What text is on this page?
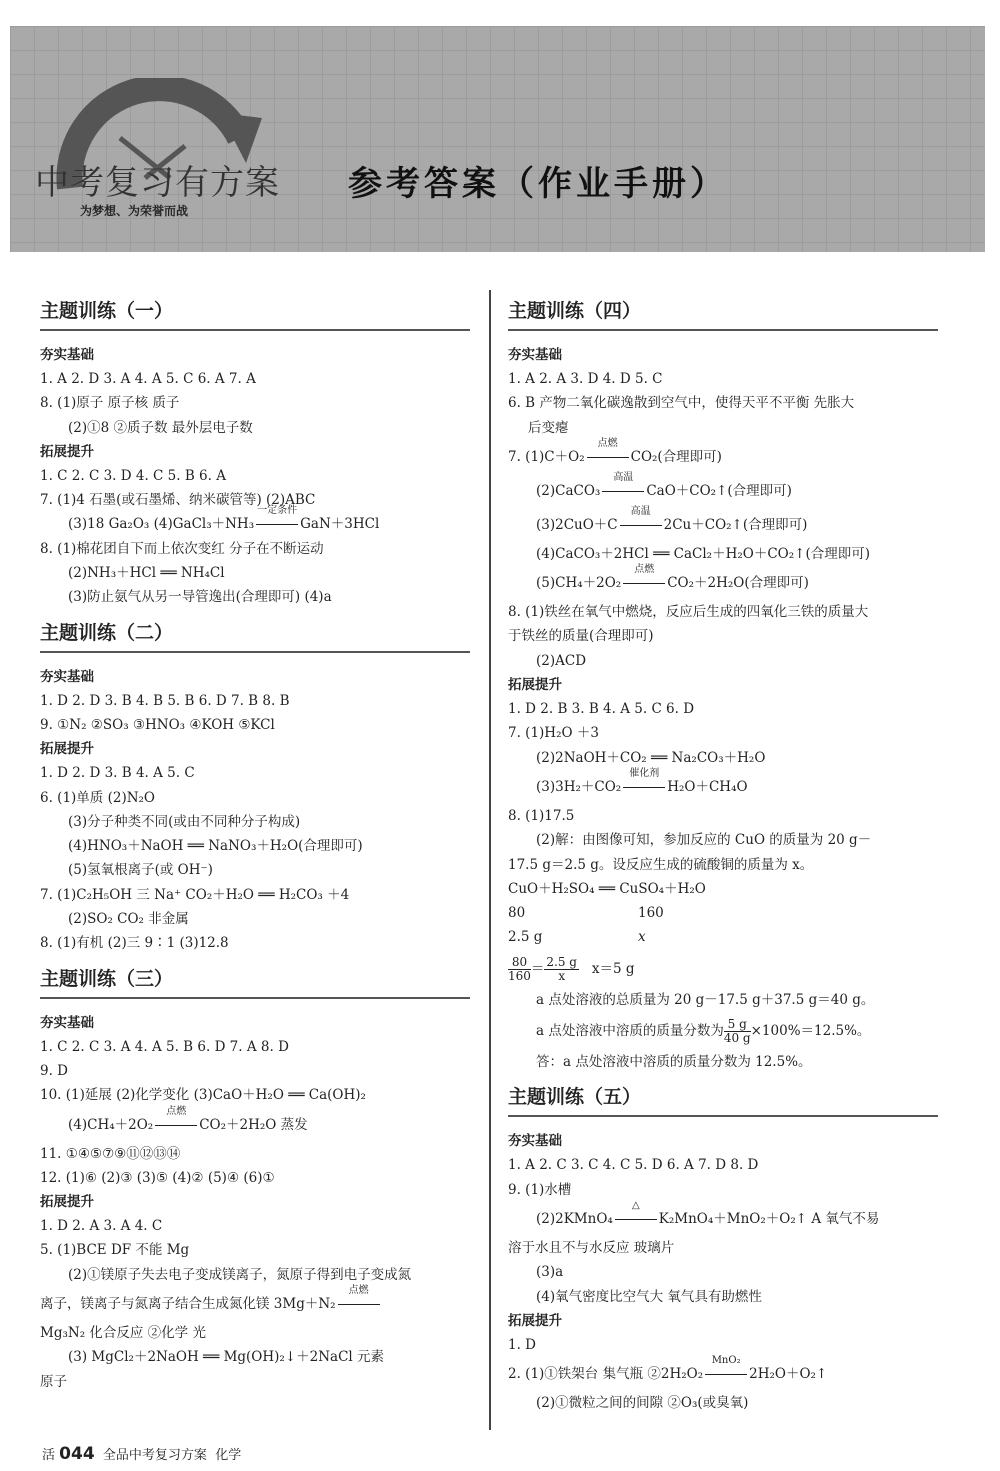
中考复习有方案
为梦想、为荣誉而战
参考答案（作业手册）
主题训练（一）

夯实基础

1. A 2. D 3. A 4. A 5. C 6. A 7. A

8. (1)原子 原子核 质子

(2)①8 ②质子数 最外层电子数

拓展提升

1. C 2. C 3. D 4. C 5. B 6. A

7. (1)4 石墨(或石墨烯、纳米碳管等) (2)ABC

(3)18 Ga₂O₃ (4)GaCl₃＋NH₃
一定条件
GaN＋3HCl

8. (1)棉花团自下而上依次变红 分子在不断运动

(2)NH₃＋HCl ══ NH₄Cl

(3)防止氨气从另一导管逸出(合理即可) (4)a

主题训练（二）

夯实基础

1. D 2. D 3. B 4. B 5. B 6. D 7. B 8. B

9. ①N₂ ②SO₃ ③HNO₃ ④KOH ⑤KCl

拓展提升

1. D 2. D 3. B 4. A 5. C

6. (1)单质 (2)N₂O

(3)分子种类不同(或由不同种分子构成)

(4)HNO₃＋NaOH ══ NaNO₃＋H₂O(合理即可)

(5)氢氧根离子(或 OH⁻)

7. (1)C₂H₅OH 三 Na⁺ CO₂＋H₂O ══ H₂CO₃ ＋4

(2)SO₂ CO₂ 非金属

8. (1)有机 (2)三 9∶1 (3)12.8

主题训练（三）

夯实基础

1. C 2. C 3. A 4. A 5. B 6. D 7. A 8. D

9. D

10. (1)延展 (2)化学变化 (3)CaO＋H₂O ══ Ca(OH)₂

(4)CH₄＋2O₂
点燃
CO₂＋2H₂O 蒸发

11. ①④⑤⑦⑨⑪⑫⑬⑭

12. (1)⑥ (2)③ (3)⑤ (4)② (5)④ (6)①

拓展提升

1. D 2. A 3. A 4. C

5. (1)BCE DF 不能 Mg

(2)①镁原子失去电子变成镁离子，氮原子得到电子变成氮

离子，镁离子与氮离子结合生成氮化镁 3Mg＋N₂
点燃

Mg₃N₂ 化合反应 ②化学 光

(3) MgCl₂＋2NaOH ══ Mg(OH)₂↓＋2NaCl 元素

原子

主题训练（四）

夯实基础

1. A 2. A 3. D 4. D 5. C

6. B 产物二氧化碳逸散到空气中，使得天平不平衡 先胀大

后变瘪

7. (1)C＋O₂
点燃
CO₂(合理即可)

(2)CaCO₃
高温
CaO＋CO₂↑(合理即可)

(3)2CuO＋C
高温
2Cu＋CO₂↑(合理即可)

(4)CaCO₃＋2HCl ══ CaCl₂＋H₂O＋CO₂↑(合理即可)

(5)CH₄＋2O₂
点燃
CO₂＋2H₂O(合理即可)

8. (1)铁丝在氧气中燃烧，反应后生成的四氧化三铁的质量大

于铁丝的质量(合理即可)

(2)ACD

拓展提升

1. D 2. B 3. B 4. A 5. C 6. D

7. (1)H₂O ＋3

(2)2NaOH＋CO₂ ══ Na₂CO₃＋H₂O

(3)3H₂＋CO₂
催化剂
H₂O＋CH₄O

8. (1)17.5

(2)解：由图像可知，参加反应的 CuO 的质量为 20 g－

17.5 g＝2.5 g。设反应生成的硫酸铜的质量为 x。

CuO＋H₂SO₄ ══ CuSO₄＋H₂O

80	160

2.5 g	x

$\frac{80}{160}= \frac{2.5 g}{x} x=5$ g

a 点处溶液的总质量为 20 g－17.5 g＋37.5 g＝40 g。

a 点处溶液中溶质的质量分数为 $\frac{5 g}{40 g}\times 100\%=12.5\%$。

答：a 点处溶液中溶质的质量分数为 12.5%。

主题训练（五）

夯实基础

1. A 2. C 3. C 4. C 5. D 6. A 7. D 8. D

9. (1)水槽

(2)2KMnO₄
△
K₂MnO₄＋MnO₂＋O₂↑ A 氧气不易

溶于水且不与水反应 玻璃片

(3)a

(4)氧气密度比空气大 氧气具有助燃性

拓展提升

1. D

2. (1)①铁架台 集气瓶 ②2H₂O₂
MnO₂
2H₂O＋O₂↑

(2)①微粒之间的间隙 ②O₃(或臭氧)

活 044 全品中考复习方案 化学
